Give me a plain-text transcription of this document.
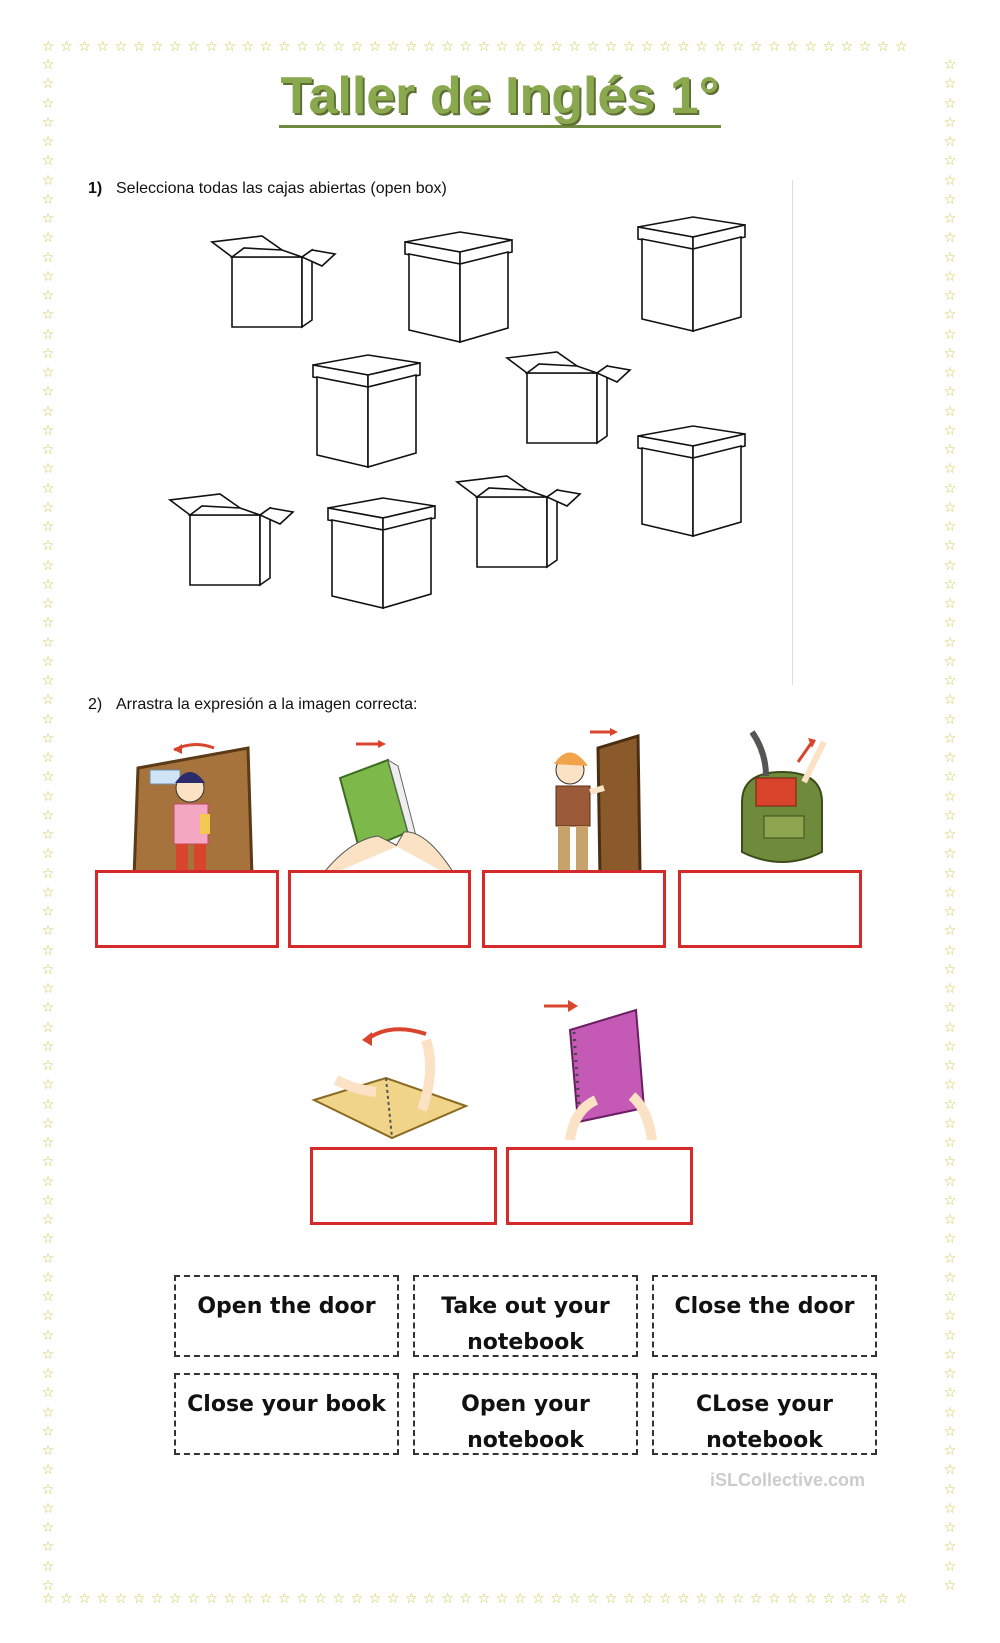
☆☆☆☆☆☆☆☆☆☆☆☆☆☆☆☆☆☆☆☆☆☆☆☆☆☆☆☆☆☆☆☆☆☆☆☆☆☆☆☆☆☆☆☆☆☆☆☆
☆☆☆☆☆☆☆☆☆☆☆☆☆☆☆☆☆☆☆☆☆☆☆☆☆☆☆☆☆☆☆☆☆☆☆☆☆☆☆☆☆☆☆☆☆☆☆☆
☆
☆
☆
☆
☆
☆
☆
☆
☆
☆
☆
☆
☆
☆
☆
☆
☆
☆
☆
☆
☆
☆
☆
☆
☆
☆
☆
☆
☆
☆
☆
☆
☆
☆
☆
☆
☆
☆
☆
☆
☆
☆
☆
☆
☆
☆
☆
☆
☆
☆
☆
☆
☆
☆
☆
☆
☆
☆
☆
☆
☆
☆
☆
☆
☆
☆
☆
☆
☆
☆
☆
☆
☆
☆
☆
☆
☆
☆
☆
☆
☆
☆
☆
☆
☆
☆
☆
☆
☆
☆
☆
☆
☆
☆
☆
☆
☆
☆
☆
☆
☆
☆
☆
☆
☆
☆
☆
☆
☆
☆
☆
☆
☆
☆
☆
☆
☆
☆
☆
☆
☆
☆
☆
☆
☆
☆
☆
☆
☆
☆
☆
☆
☆
☆
☆
☆
☆
☆
☆
☆
☆
☆
☆
☆
☆
☆
☆
☆
☆
☆
☆
☆
☆
☆
☆
☆
☆
☆
☆
☆
Taller de Inglés 1°
1) Selecciona todas las cajas abiertas (open box)
2) Arrastra la expresión a la imagen correcta:
Open the door	Take out your notebook
Close the door
Close your book	Open your notebook
CLose your notebook
iSLCollective.com
